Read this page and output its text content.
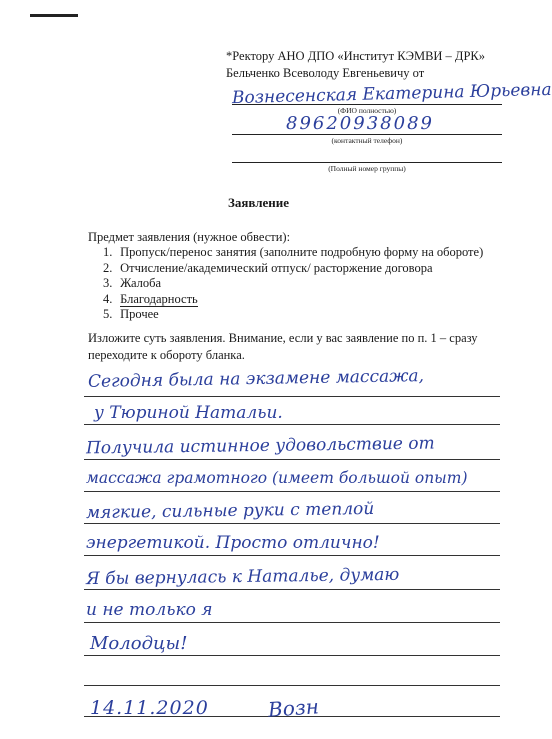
*Ректору АНО ДПО «Институт КЭМВИ – ДРК»
Бельченко Всеволоду Евгеньевичу от
Вознесенская Екатерина Юрьевна
(ФИО полностью)
89620938089
(контактный телефон)
(Полный номер группы)
Заявление
Предмет заявления (нужное обвести):
1. Пропуск/перенос занятия (заполните подробную форму на обороте)
2. Отчисление/академический отпуск/ расторжение договора
3. Жалоба
4. Благодарность
5. Прочее
Изложите суть заявления. Внимание, если у вас заявление по п. 1 – сразу переходите к обороту бланка.
Сегодня была на экзамене массажа,
у Тюриной Натальи.
Получила истинное удовольствие от
массажа грамотного (имеет большой опыт)
мягкие, сильные руки с теплой
энергетикой. Просто отлично!
Я бы вернулась к Наталье, думаю
и не только я
Молодцы!
14.11.2020	Возн
